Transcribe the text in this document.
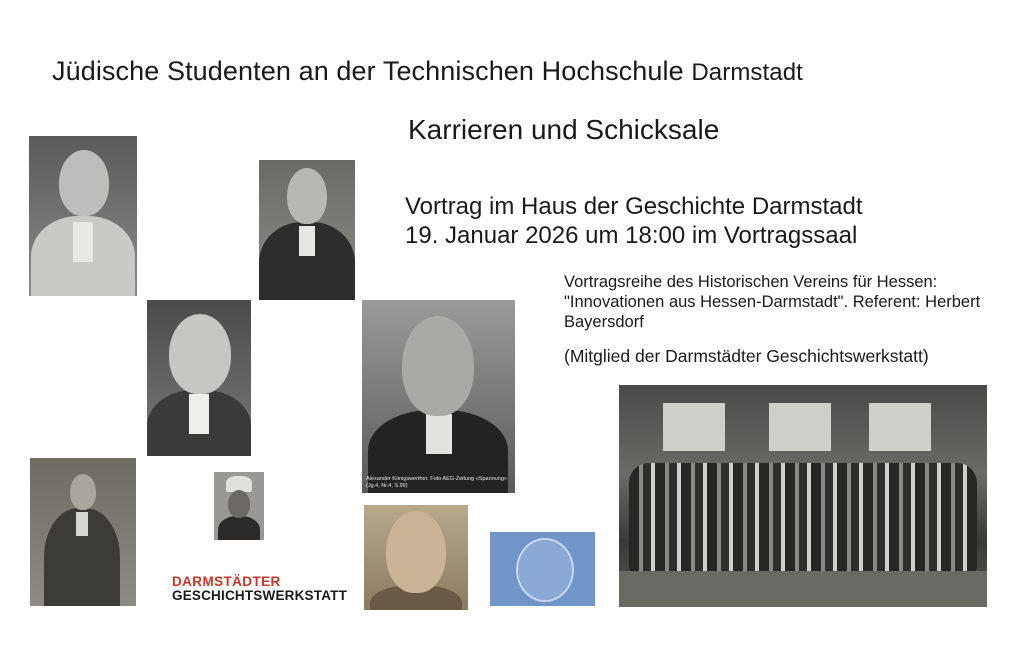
Jüdische Studenten an der Technischen Hochschule Darmstadt
Karrieren und Schicksale
Vortrag im Haus der Geschichte Darmstadt
19. Januar 2026 um 18:00 im Vortragssaal
Vortragsreihe des Historischen Vereins für Hessen: "Innovationen aus Hessen-Darmstadt". Referent: Herbert Bayersdorf
(Mitglied der Darmstädter Geschichtswerkstatt)
Alexander Königswerther. Foto AEG-Zeitung «Spannung» (Jg.4, Nr.4, S.99)
DARMSTÄDTER
GESCHICHTSWERKSTATT
